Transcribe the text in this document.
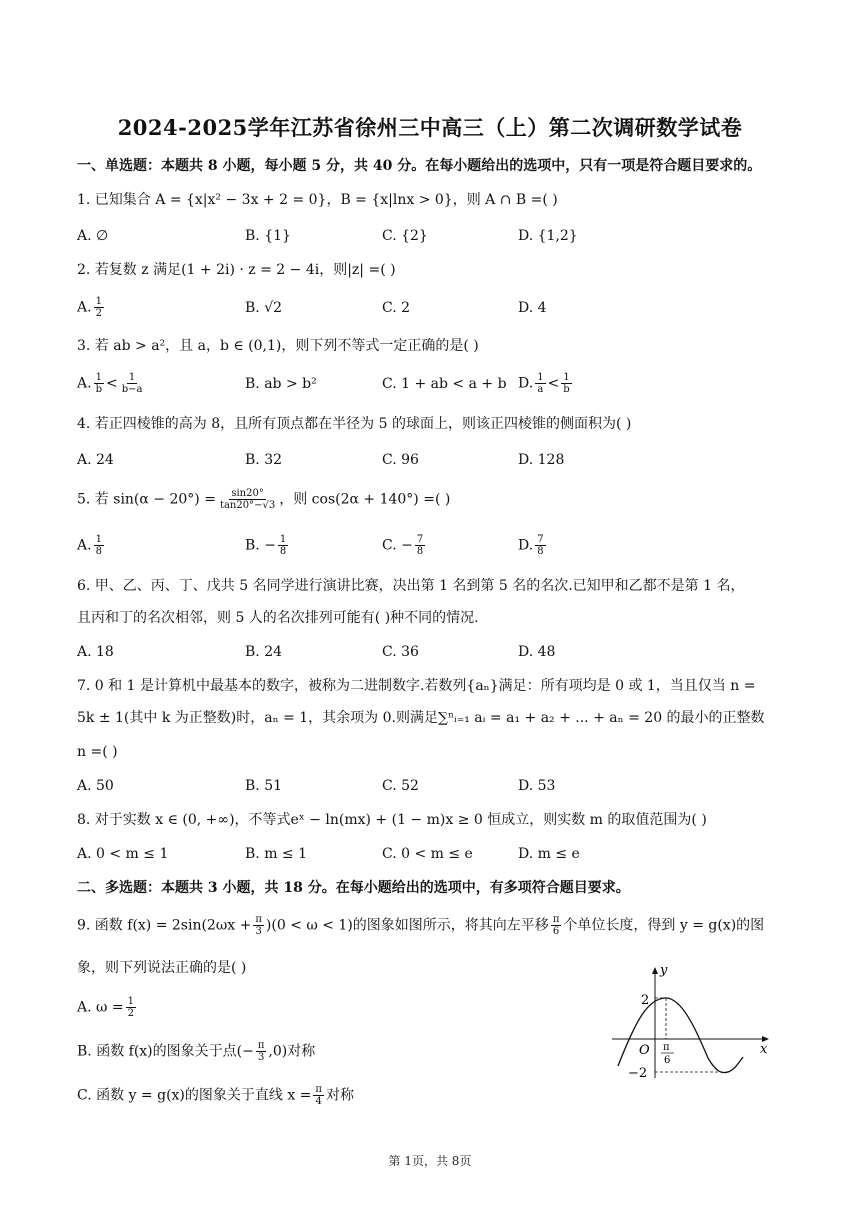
2024-2025学年江苏省徐州三中高三（上）第二次调研数学试卷
一、单选题：本题共 8 小题，每小题 5 分，共 40 分。在每小题给出的选项中，只有一项是符合题目要求的。
1. 已知集合 A = {x|x² − 3x + 2 = 0}，B = {x|lnx > 0}，则 A ∩ B =( )
A. ∅	B. {1}	C. {2}	D. {1,2}
2. 若复数 z 满足(1 + 2i) · z = 2 − 4i，则|z| =( )
A. $\frac{1}{2}$	B. √2	C. 2	D. 4
3. 若 ab > a²，且 a，b ∈ (0,1)，则下列不等式一定正确的是( )
A. $\frac{1}{b} < \frac{1}{b-a}$	B. ab > b²	C. 1 + ab < a + b D. $\frac{1}{a} < \frac{1}{b}$
4. 若正四棱锥的高为 8，且所有顶点都在半径为 5 的球面上，则该正四棱锥的侧面积为( )
A. 24	B. 32	C. 96	D. 128
5. 若 $\sin(\alpha - 20^\circ) = \frac{\sin 20^\circ}{\tan 20^\circ-√3}$ ，则 cos(2α + 140°) =( )
A. $\frac{1}{8}$	B. − $\frac{1}{8}$	C. − $\frac{7}{8}$	D. $\frac{7}{8}$
6. 甲、乙、丙、丁、戊共 5 名同学进行演讲比赛，决出第 1 名到第 5 名的名次.已知甲和乙都不是第 1 名，
且丙和丁的名次相邻，则 5 人的名次排列可能有( )种不同的情况.
A. 18	B. 24	C. 36	D. 48
7. 0 和 1 是计算机中最基本的数字，被称为二进制数字.若数列{aₙ}满足：所有项均是 0 或 1，当且仅当 n =
5k ± 1(其中 k 为正整数)时，aₙ = 1，其余项为 0.则满足∑ⁿᵢ₌₁ aᵢ = a₁ + a₂ + ... + aₙ = 20 的最小的正整数
n =( )
A. 50	B. 51	C. 52	D. 53
8. 对于实数 x ∈ (0, +∞)，不等式eˣ − ln(mx) + (1 − m)x ≥ 0 恒成立，则实数 m 的取值范围为( )
A. 0 < m ≤ 1	B. m ≤ 1	C. 0 < m ≤ e	D. m ≤ e
二、多选题：本题共 3 小题，共 18 分。在每小题给出的选项中，有多项符合题目要求。
9. 函数 $f(x) = 2\sin(2\omega x + \frac{\pi}{3} )(0 < \omega < 1)$的图象如图所示，将其向左平移 $\frac{\pi}{6}$ 个单位长度，得到 y = g(x)的图
象，则下列说法正确的是( )
A. $\omega = \frac{1}{2}$
B. 函数 f(x)的图象关于点(− $\frac{\pi}{3} ,0$)对称
C. 函数 y = g(x)的图象关于直线 $x = \frac{\pi}{4}$ 对称
y
x
O
2
−2
π
6
第 1页，共 8页
